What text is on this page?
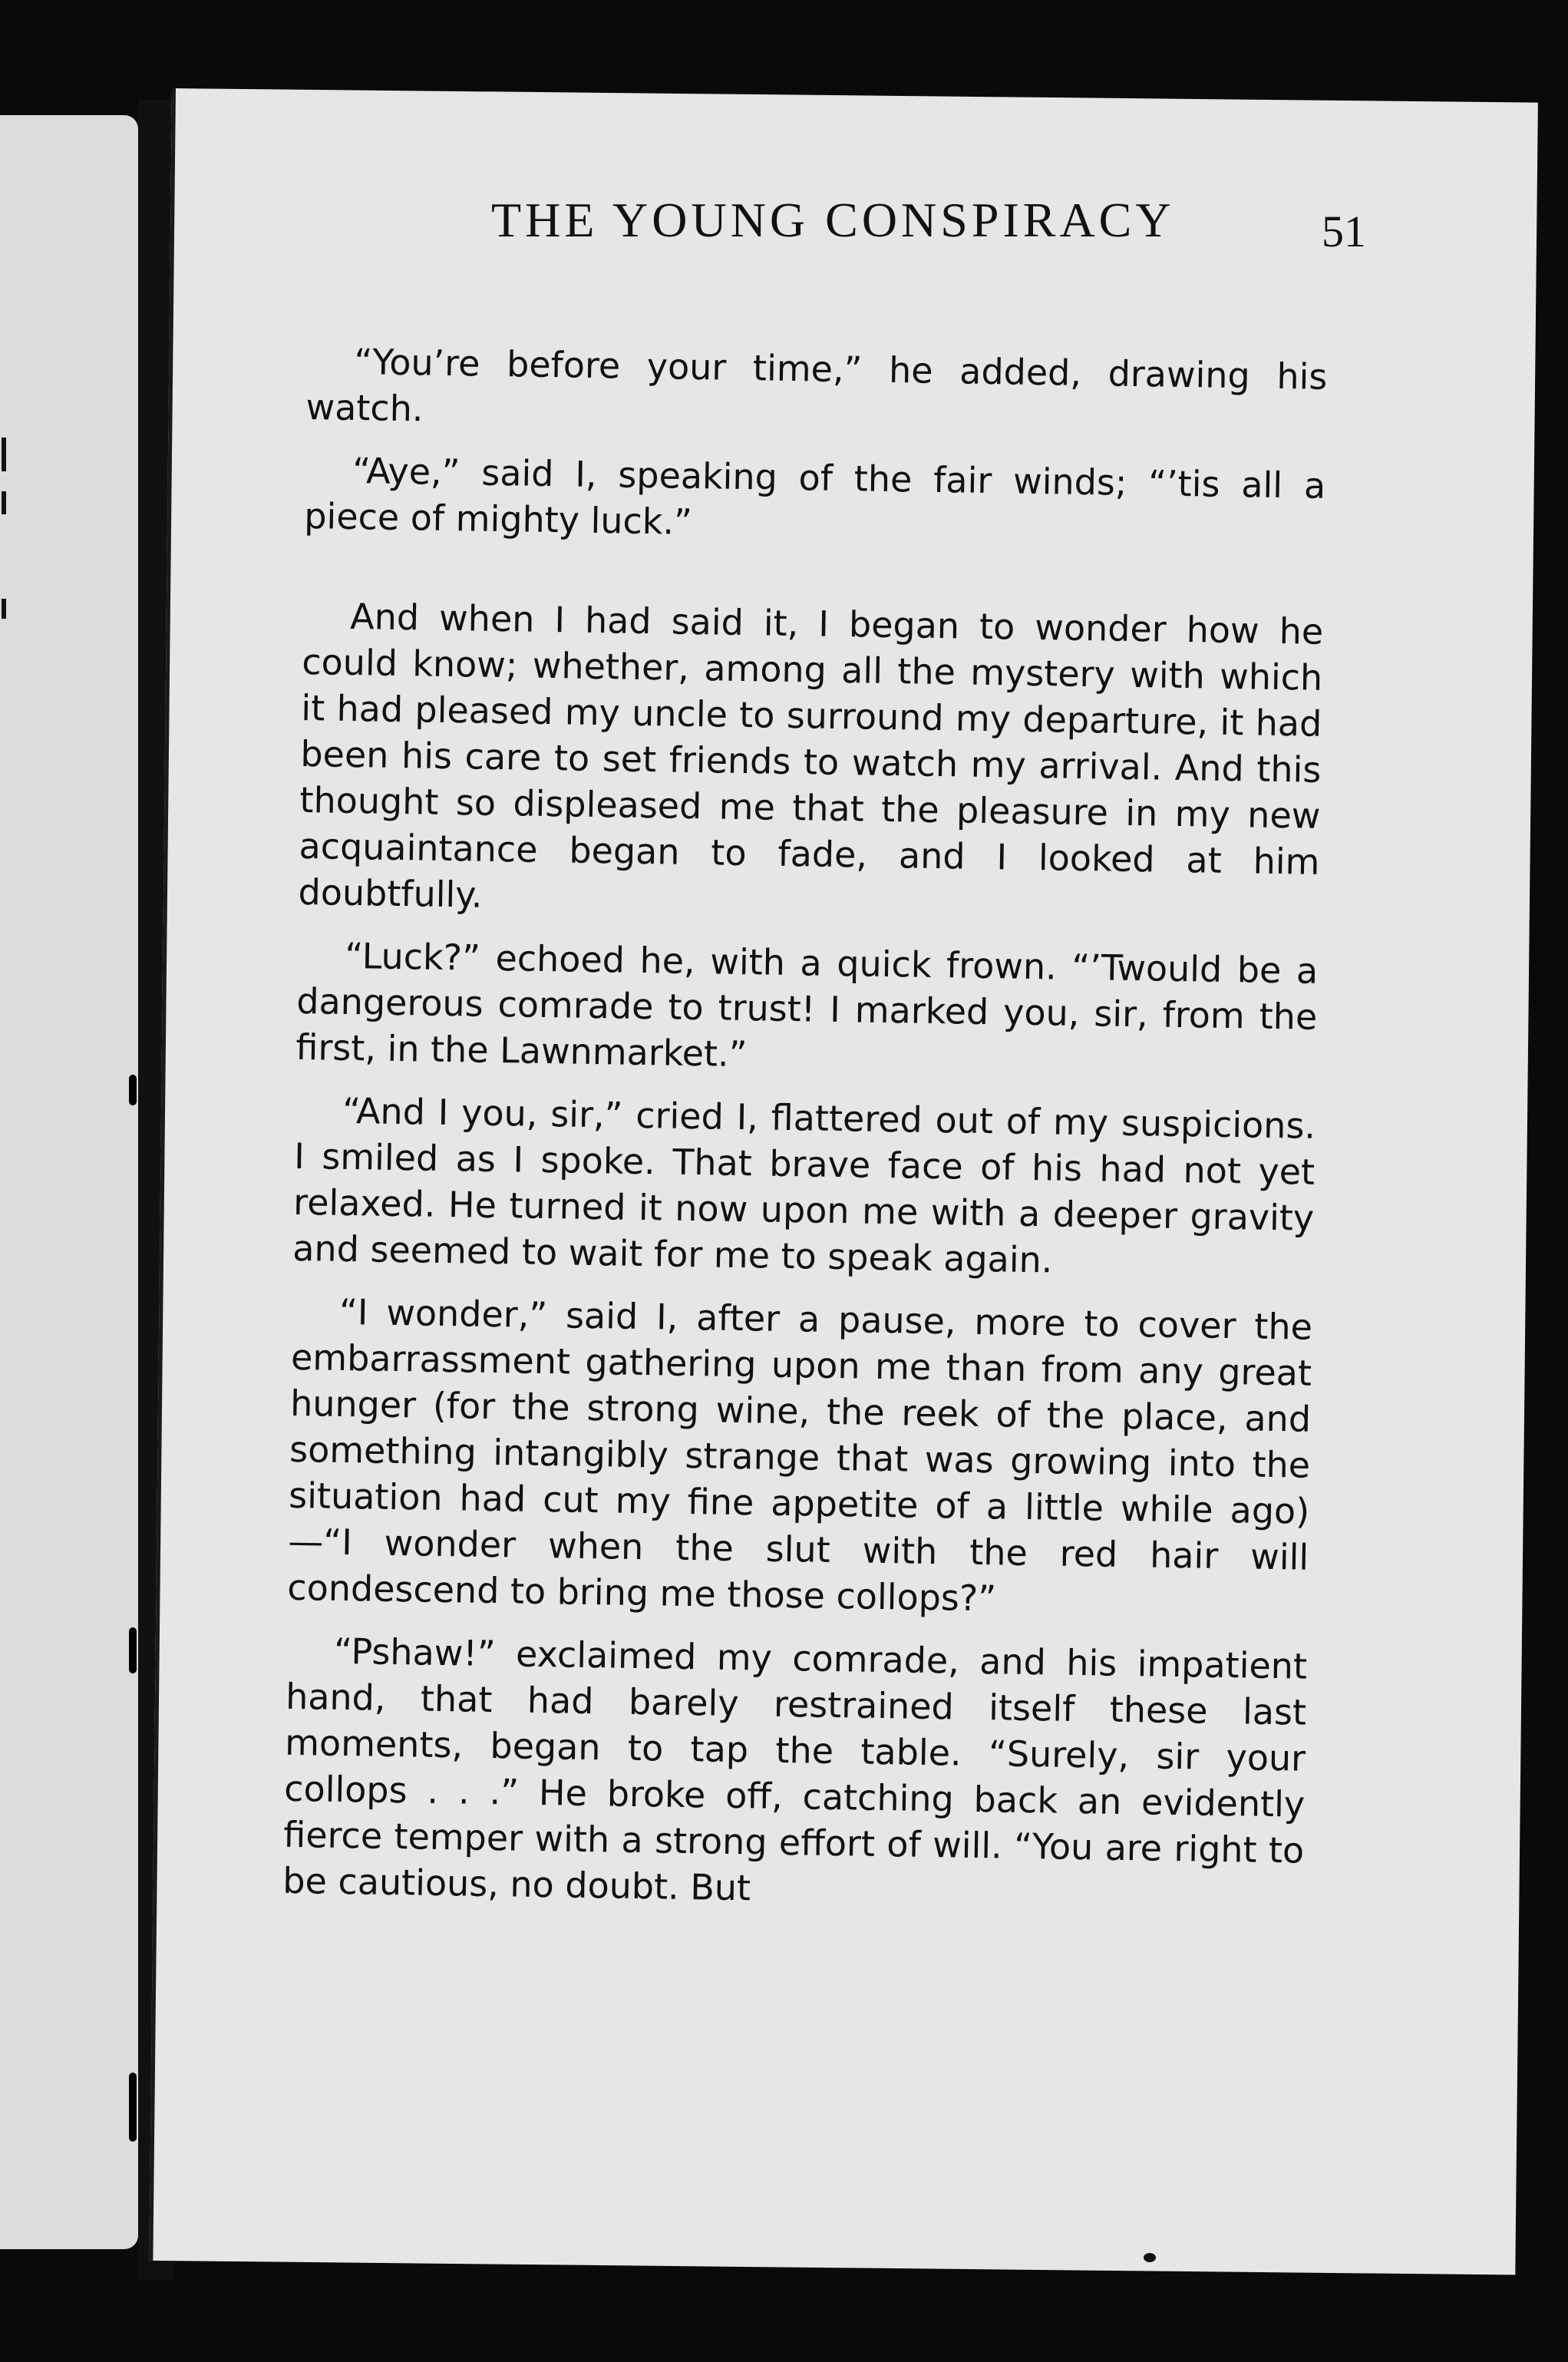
THE YOUNG CONSPIRACY	51

“You’re before your time,” he added, drawing his watch.

“Aye,” said I, speaking of the fair winds; “’tis all a piece of mighty luck.”

And when I had said it, I began to wonder how he could know; whether, among all the mystery with which it had pleased my uncle to surround my departure, it had been his care to set friends to watch my arrival. And this thought so displeased me that the pleasure in my new acquaintance began to fade, and I looked at him doubtfully.

“Luck?” echoed he, with a quick frown. “’Twould be a dangerous comrade to trust! I marked you, sir, from the first, in the Lawnmarket.”

“And I you, sir,” cried I, flattered out of my suspicions. I smiled as I spoke. That brave face of his had not yet relaxed. He turned it now upon me with a deeper gravity and seemed to wait for me to speak again.

“I wonder,” said I, after a pause, more to cover the embarrassment gathering upon me than from any great hunger (for the strong wine, the reek of the place, and something intangibly strange that was growing into the situation had cut my fine appetite of a little while ago)—“I wonder when the slut with the red hair will condescend to bring me those collops?”

“Pshaw!” exclaimed my comrade, and his impatient hand, that had barely restrained itself these last moments, began to tap the table. “Surely, sir your collops . . .” He broke off, catching back an evidently fierce temper with a strong effort of will. “You are right to be cautious, no doubt. But
